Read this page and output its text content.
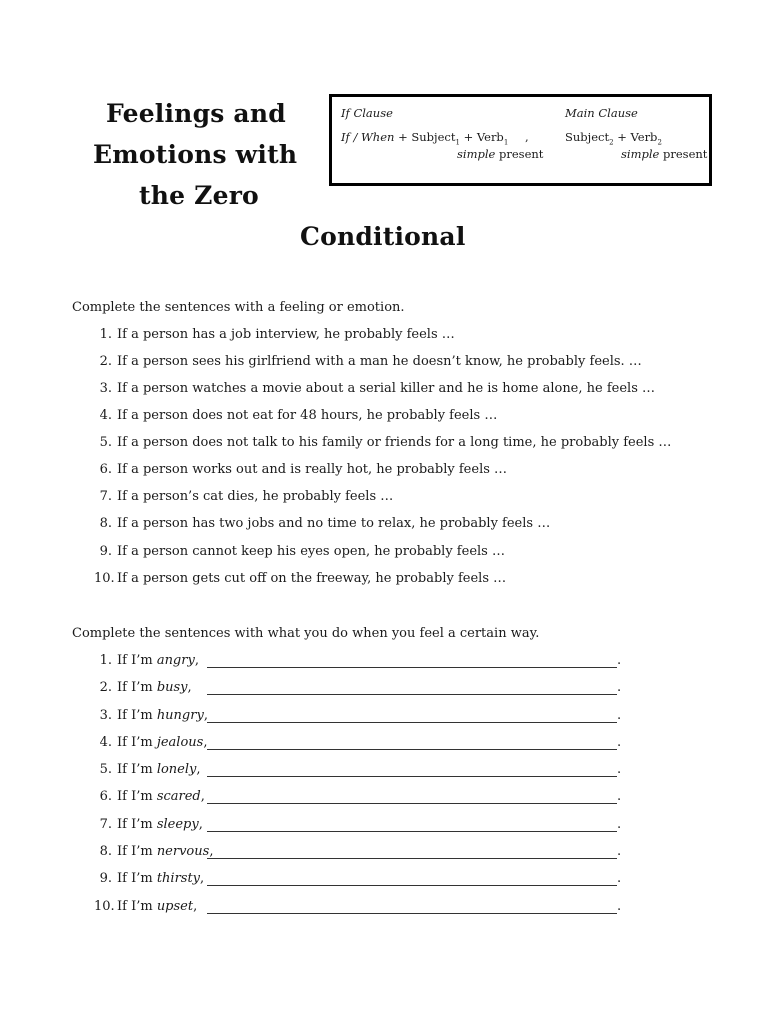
Feelings and
Emotions with
the Zero
Conditional
If Clause	Main Clause
If / When + Subject$_1$ + Verb$_1$ ,	Subject$_2$ + Verb$_2$
simple present	simple present
Complete the sentences with a feeling or emotion.
1. If a person has a job interview, he probably feels …
2. If a person sees his girlfriend with a man he doesn’t know, he probably feels. …
3. If a person watches a movie about a serial killer and he is home alone, he feels …
4. If a person does not eat for 48 hours, he probably feels …
5. If a person does not talk to his family or friends for a long time, he probably feels …
6. If a person works out and is really hot, he probably feels …
7. If a person’s cat dies, he probably feels …
8. If a person has two jobs and no time to relax, he probably feels …
9. If a person cannot keep his eyes open, he probably feels …
10. If a person gets cut off on the freeway, he probably feels …
Complete the sentences with what you do when you feel a certain way.
1. If I’m angry,	.
2. If I’m busy,	.
3. If I’m hungry,	.
4. If I’m jealous,	.
5. If I’m lonely,	.
6. If I’m scared,	.
7. If I’m sleepy,	.
8. If I’m nervous,	.
9. If I’m thirsty,	.
10. If I’m upset,	.
